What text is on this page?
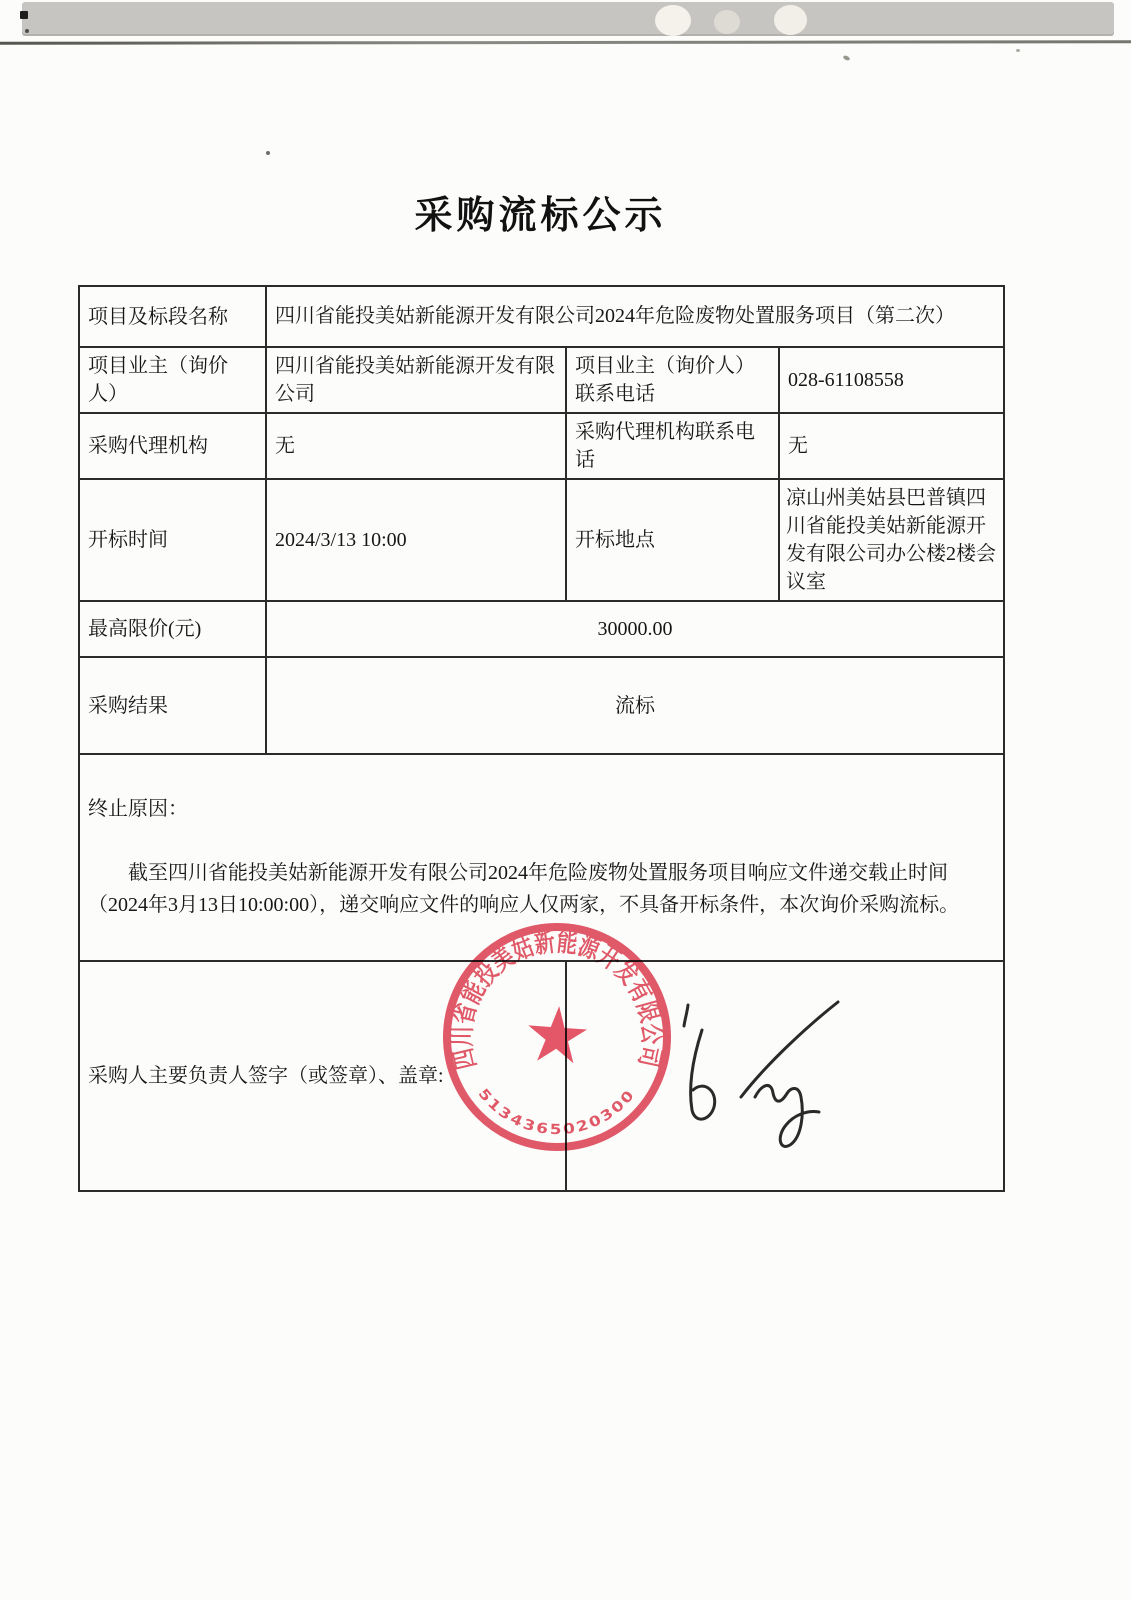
采购流标公示
项目及标段名称	四川省能投美姑新能源开发有限公司2024年危险废物处置服务项目（第二次）		
项目业主（询价人）	四川省能投美姑新能源开发有限公司	项目业主（询价人）联系电话	028-61108558
采购代理机构	无	采购代理机构联系电话	无
开标时间	2024/3/13 10:00	开标地点	凉山州美姑县巴普镇四川省能投美姑新能源开发有限公司办公楼2楼会议室
最高限价(元)	30000.00		
采购结果	流标		

终止原因：

截至四川省能投美姑新能源开发有限公司2024年危险废物处置服务项目响应文件递交载止时间（2024年3月13日10:00:00），递交响应文件的响应人仅两家，不具备开标条件，本次询价采购流标。			

采购人主要负责人签字（或签章）、盖章:			
四川省能投美姑新能源开发有限公司
5134365020300
